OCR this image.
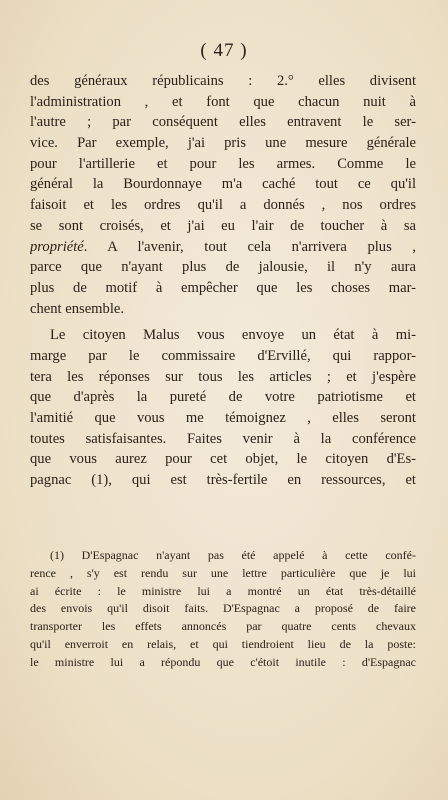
( 47 )
des généraux républicains : 2.° elles divisent
l'administration , et font que chacun nuit à
l'autre ; par conséquent elles entravent le ser-
vice. Par exemple, j'ai pris une mesure générale
pour l'artillerie et pour les armes. Comme le
général la Bourdonnaye m'a caché tout ce qu'il
faisoit et les ordres qu'il a donnés , nos ordres
se sont croisés, et j'ai eu l'air de toucher à sa
propriété. A l'avenir, tout cela n'arrivera plus ,
parce que n'ayant plus de jalousie, il n'y aura
plus de motif à empêcher que les choses mar-
chent ensemble.
Le citoyen Malus vous envoye un état à mi-
marge par le commissaire d'Ervillé, qui rappor-
tera les réponses sur tous les articles ; et j'espère
que d'après la pureté de votre patriotisme et
l'amitié que vous me témoignez , elles seront
toutes satisfaisantes. Faites venir à la conférence
que vous aurez pour cet objet, le citoyen d'Es-
pagnac (1), qui est très-fertile en ressources, et
(1) D'Espagnac n'ayant pas été appelé à cette confé-
rence , s'y est rendu sur une lettre particulière que je lui
ai écrite : le ministre lui a montré un état très-détaillé
des envois qu'il disoit faits. D'Espagnac a proposé de faire
transporter les effets annoncés par quatre cents chevaux
qu'il enverroit en relais, et qui tiendroient lieu de la poste:
le ministre lui a répondu que c'étoit inutile : d'Espagnac
